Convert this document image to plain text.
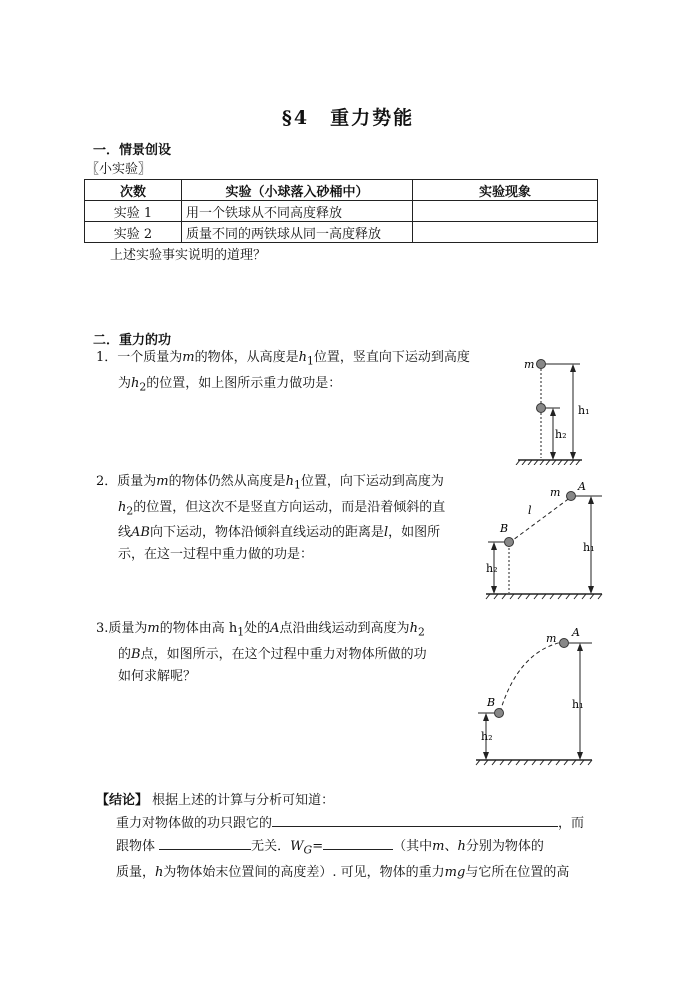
§4　重力势能
一．情景创设
〖小实验〗
次数	实验（小球落入砂桶中）	实验现象
实验 1	用一个铁球从不同高度释放	
实验 2	质量不同的两铁球从同一高度释放	
上述实验事实说明的道理？
二．重力的功
1．一个质量为m的物体，从高度是$h_1$位置，竖直向下运动到高度
为$h_2$的位置，如上图所示重力做功是：
m
h₁
h₂
2．质量为m的物体仍然从高度是$h_1$位置，向下运动到高度为
$h_2$的位置，但这次不是竖直方向运动，而是沿着倾斜的直
线AB向下运动，物体沿倾斜直线运动的距离是l，如图所
示，在这一过程中重力做的功是：
m A
B
l
h₁
h₂
3.质量为m的物体由高 $h_1$处的A点沿曲线运动到高度为$h_2$
的B点，如图所示，在这个过程中重力对物体所做的功
如何求解呢？
m A
B	h₁
h₂
【结论】 根据上述的计算与分析可知道：
重力对物体做的功只跟它的	，而
跟物体	无关．$W_G=$	（其中m、h分别为物体的
质量，h为物体始末位置间的高度差）. 可见，物体的重力mg与它所在位置的高
